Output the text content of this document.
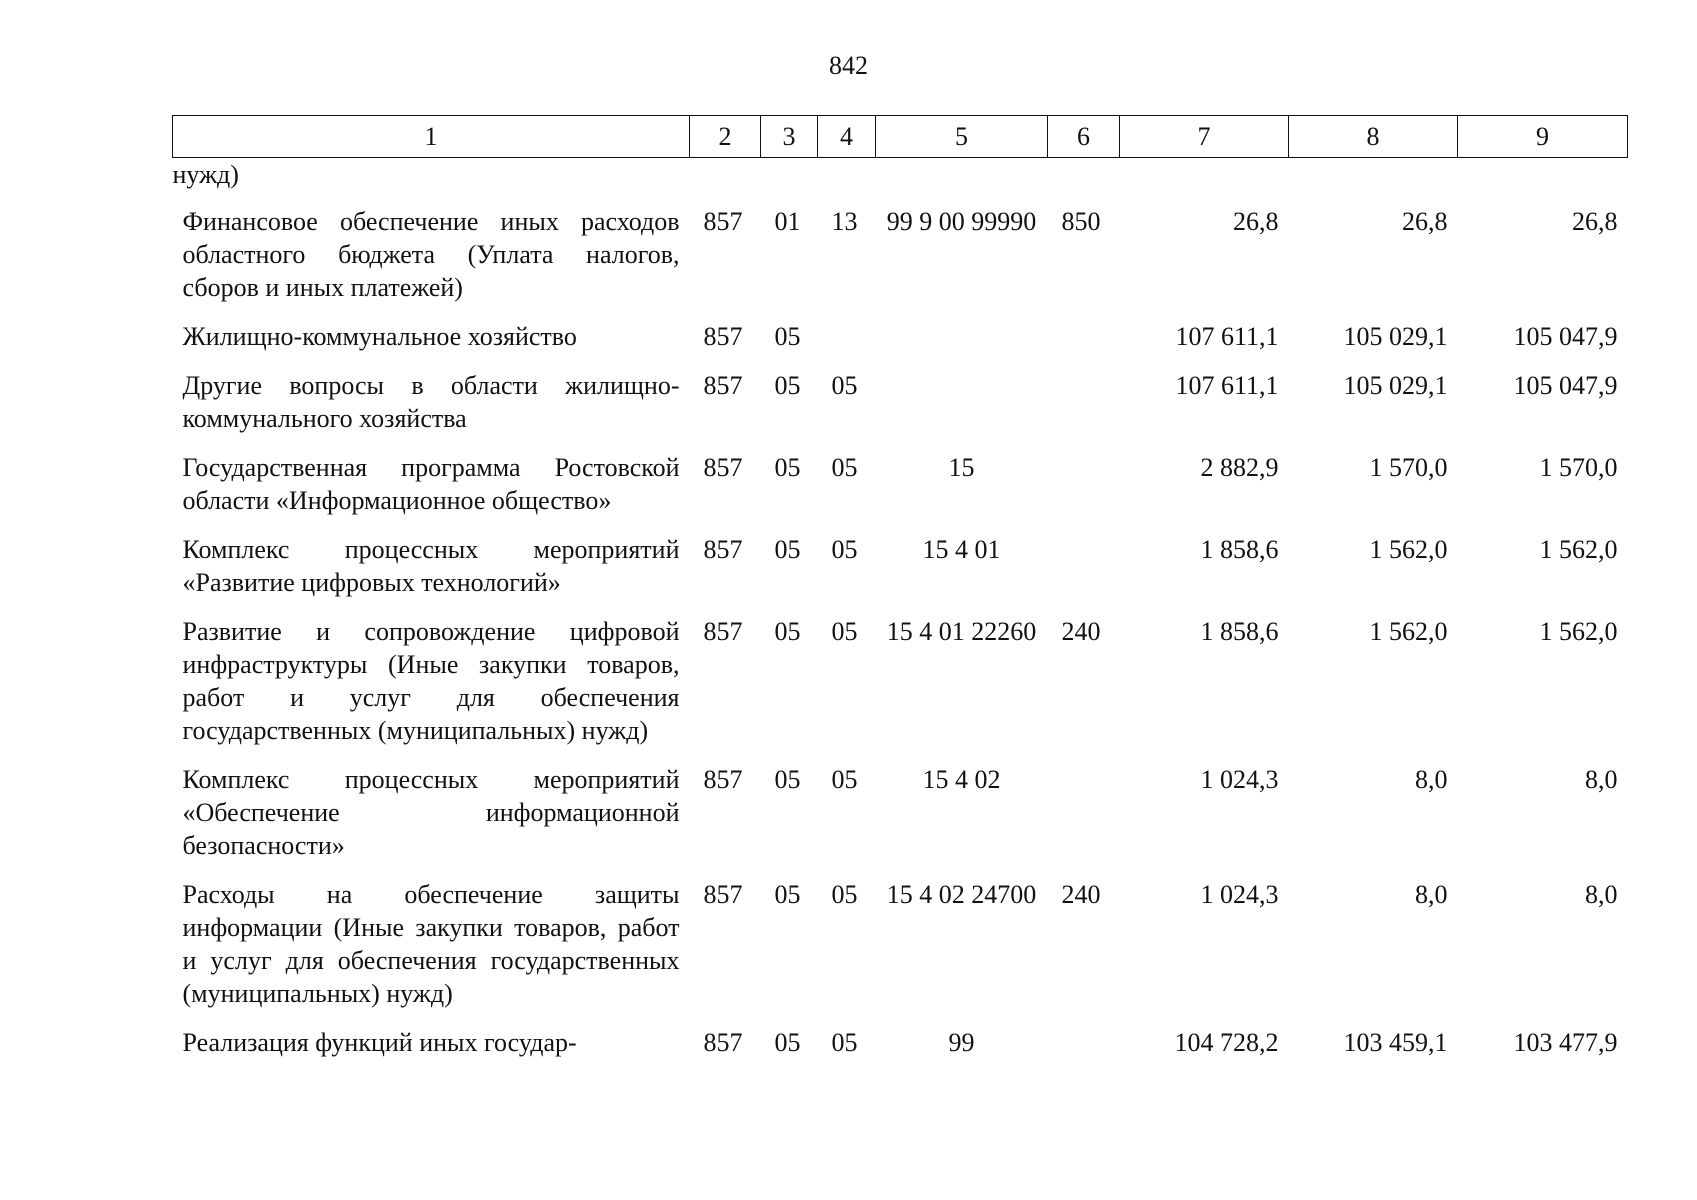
842
1	2	3	4	5	6	7	8	9
нужд)								
Финансовое обеспечение иных расходов областного бюджета (Уплата налогов, сборов и иных платежей)	857	01	13	99 9 00 99990	850	26,8	26,8	26,8
Жилищно-коммунальное хозяйство	857	05				107 611,1	105 029,1	105 047,9
Другие вопросы в области жилищно-коммунального хозяйства	857	05	05			107 611,1	105 029,1	105 047,9
Государственная программа Ростовской области «Информационное общество»	857	05	05	15		2 882,9	1 570,0	1 570,0
Комплекс процессных мероприятий «Развитие цифровых технологий»	857	05	05	15 4 01		1 858,6	1 562,0	1 562,0
Развитие и сопровождение цифровой инфраструктуры (Иные закупки товаров, работ и услуг для обеспечения государственных (муниципальных) нужд)	857	05	05	15 4 01 22260	240	1 858,6	1 562,0	1 562,0
Комплекс процессных мероприятий «Обеспечение информационной безопасности»	857	05	05	15 4 02		1 024,3	8,0	8,0
Расходы на обеспечение защиты информации (Иные закупки товаров, работ и услуг для обеспечения государственных (муниципальных) нужд)	857	05	05	15 4 02 24700	240	1 024,3	8,0	8,0
Реализация функций иных государ-	857	05	05	99		104 728,2	103 459,1	103 477,9
